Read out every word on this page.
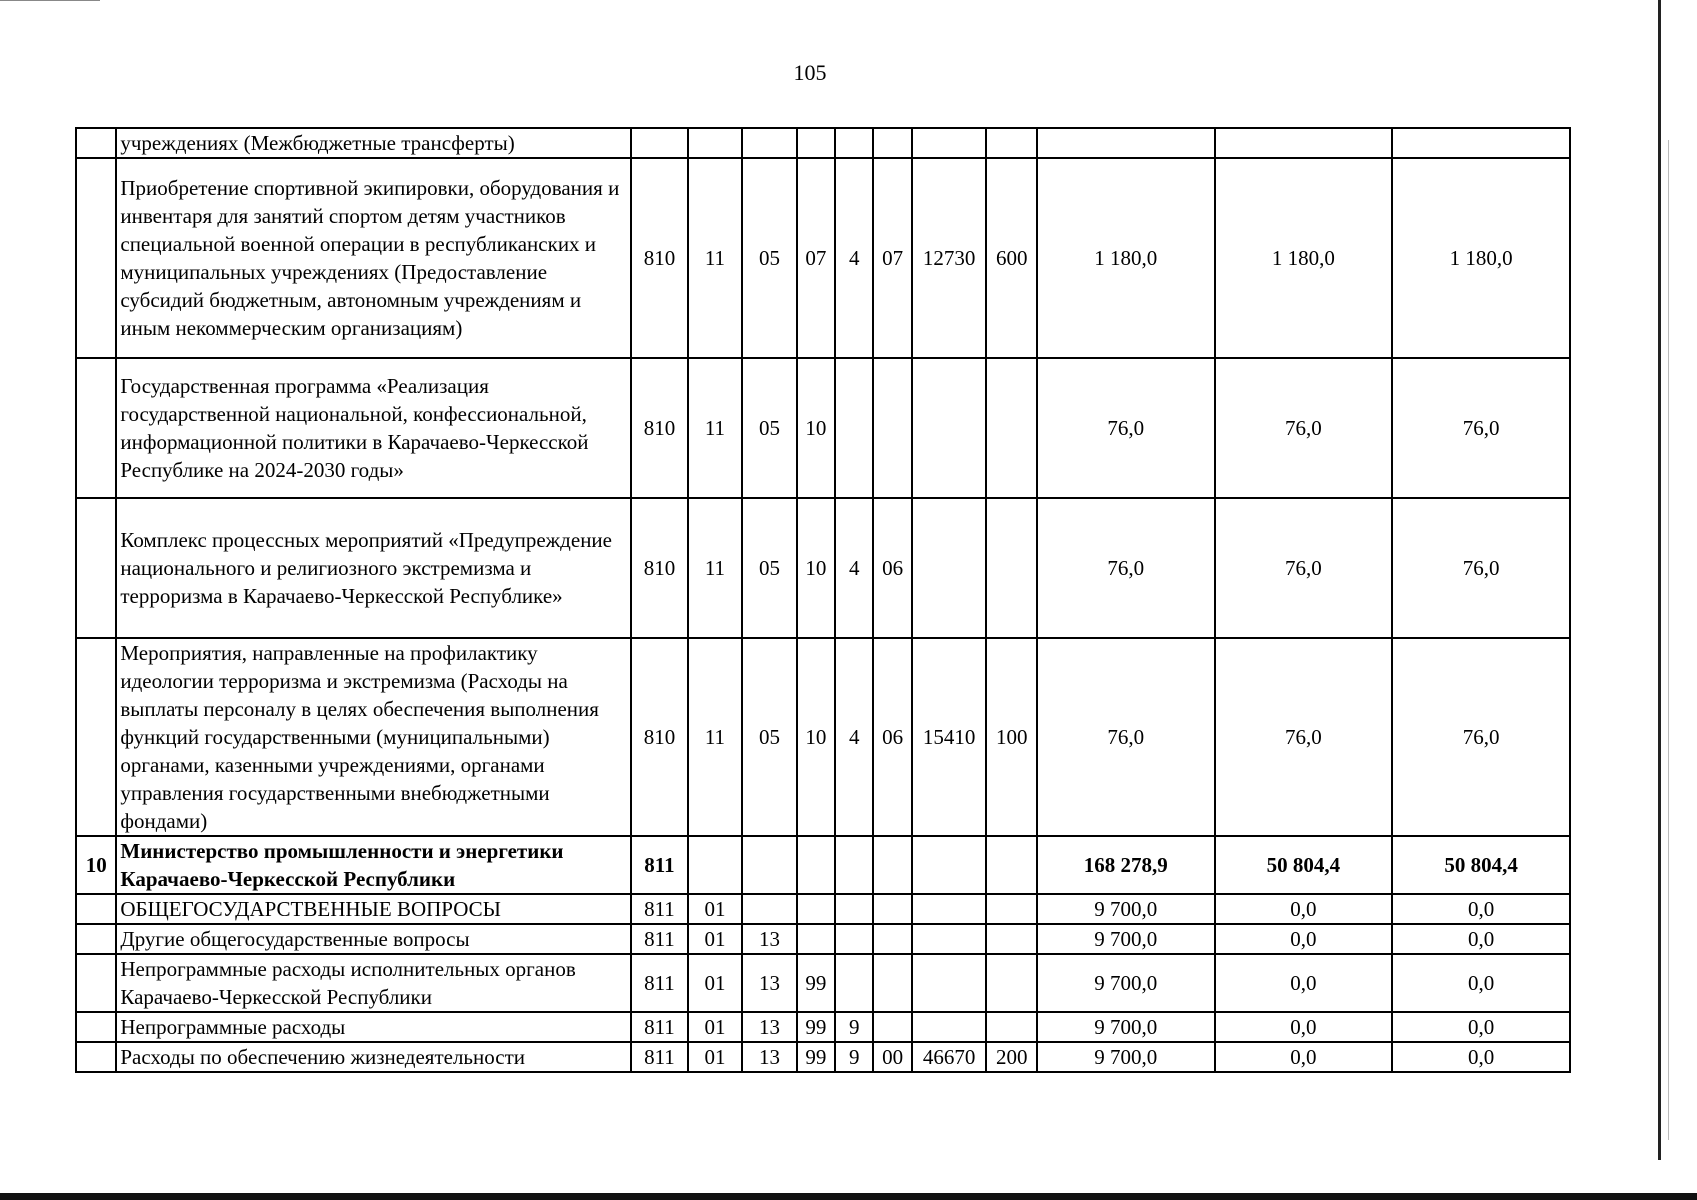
105
	учреждениях (Межбюджетные трансферты)											
	Приобретение спортивной экипировки, оборудования и инвентаря для занятий спортом детям участников специальной военной операции в республиканских и муниципальных учреждениях (Предоставление субсидий бюджетным, автономным учреждениям и иным некоммерческим организациям)	810	11	05	07	4	07	12730	600	1 180,0	1 180,0	1 180,0
	Государственная программа «Реализация государственной национальной, конфессиональной, информационной политики в Карачаево-Черкесской Республике на 2024-2030 годы»	810	11	05	10					76,0	76,0	76,0
	Комплекс процессных мероприятий «Предупреждение национального и религиозного экстремизма и терроризма в Карачаево-Черкесской Республике»	810	11	05	10	4	06			76,0	76,0	76,0
	Мероприятия, направленные на профилактику идеологии терроризма и экстремизма (Расходы на выплаты персоналу в целях обеспечения выполнения функций государственными (муниципальными) органами, казенными учреждениями, органами управления государственными внебюджетными фондами)	810	11	05	10	4	06	15410	100	76,0	76,0	76,0
10	Министерство промышленности и энергетики Карачаево-Черкесской Республики	811								168 278,9	50 804,4	50 804,4
	ОБЩЕГОСУДАРСТВЕННЫЕ ВОПРОСЫ	811	01							9 700,0	0,0	0,0
	Другие общегосударственные вопросы	811	01	13						9 700,0	0,0	0,0
	Непрограммные расходы исполнительных органов Карачаево-Черкесской Республики	811	01	13	99					9 700,0	0,0	0,0
	Непрограммные расходы	811	01	13	99	9				9 700,0	0,0	0,0
	Расходы по обеспечению жизнедеятельности	811	01	13	99	9	00	46670	200	9 700,0	0,0	0,0
